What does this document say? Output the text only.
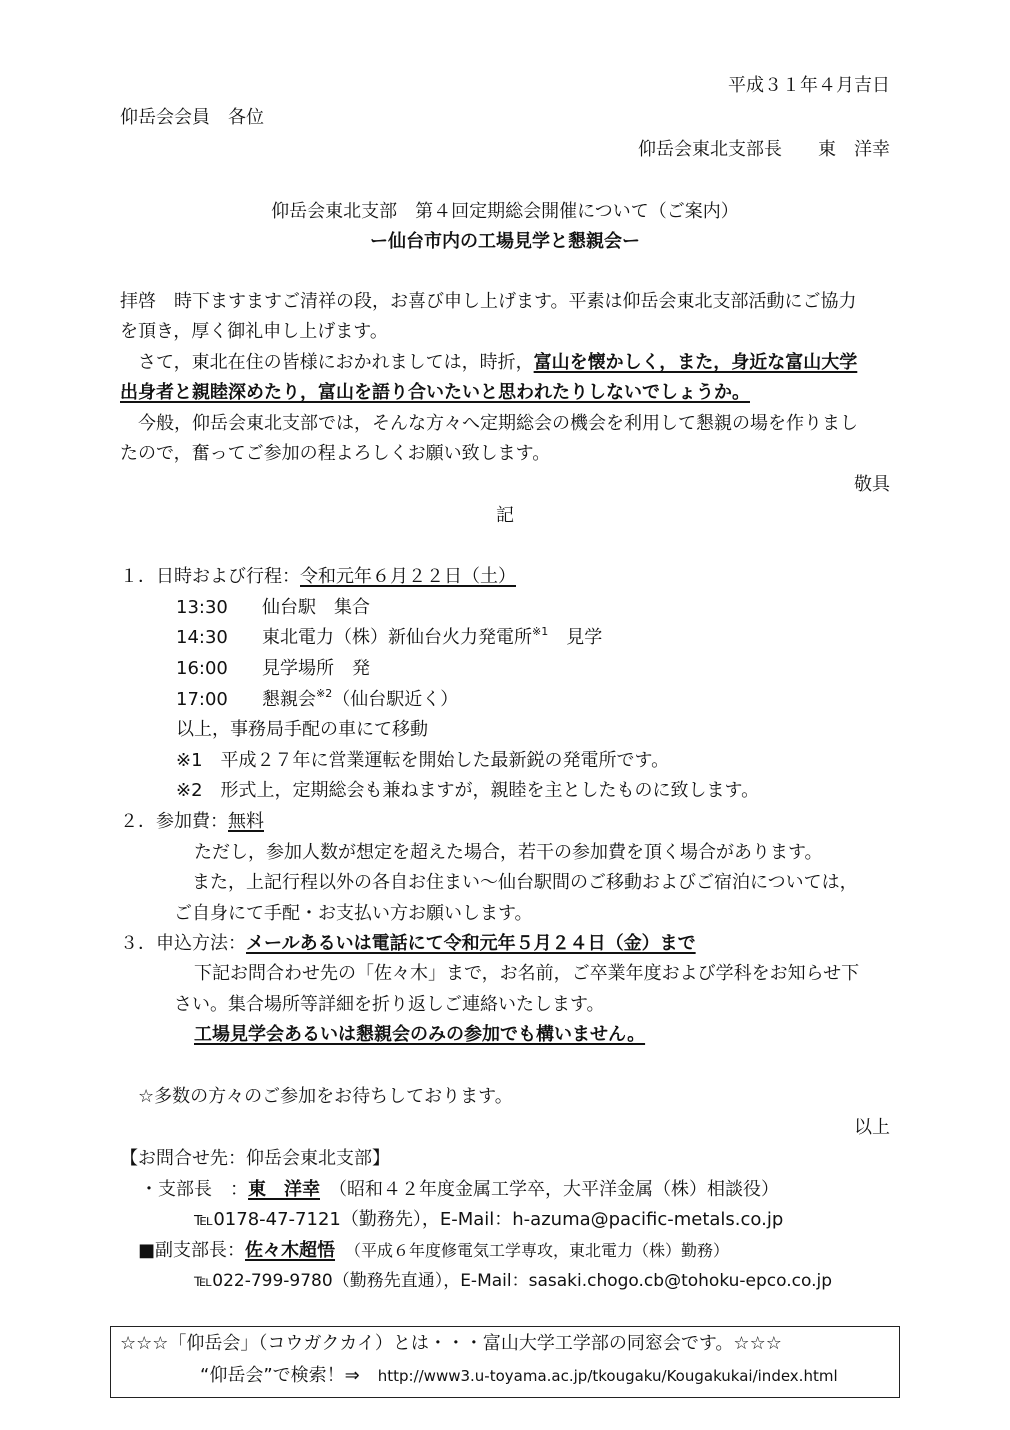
平成３１年４月吉日
仰岳会会員　各位
仰岳会東北支部長　　東　洋幸
仰岳会東北支部　第４回定期総会開催について（ご案内）
ー仙台市内の工場見学と懇親会ー
拝啓　時下ますますご清祥の段，お喜び申し上げます。平素は仰岳会東北支部活動にご協力
を頂き，厚く御礼申し上げます。
　さて，東北在住の皆様におかれましては，時折，富山を懐かしく，また，身近な富山大学
出身者と親睦深めたり，富山を語り合いたいと思われたりしないでしょうか。
　今般，仰岳会東北支部では，そんな方々へ定期総会の機会を利用して懇親の場を作りまし
たので，奮ってご参加の程よろしくお願い致します。
敬具
記
１．日時および行程：令和元年６月２２日（土）
13:30 仙台駅　集合
14:30 東北電力（株）新仙台火力発電所$^{※1}$　見学
16:00 見学場所　発
17:00 懇親会$^{※2}$（仙台駅近く）
以上，事務局手配の車にて移動
※1　平成２７年に営業運転を開始した最新鋭の発電所です。
※2　形式上，定期総会も兼ねますが，親睦を主としたものに致します。
２．参加費：無料
ただし，参加人数が想定を超えた場合，若干の参加費を頂く場合があります。
また，上記行程以外の各自お住まい～仙台駅間のご移動およびご宿泊については，
ご自身にて手配・お支払い方お願いします。
３．申込方法：メールあるいは電話にて令和元年５月２４日（金）まで
下記お問合わせ先の「佐々木」まで，お名前，ご卒業年度および学科をお知らせ下
さい。集合場所等詳細を折り返しご連絡いたします。
工場見学会あるいは懇親会のみの参加でも構いません。
☆多数の方々のご参加をお待ちしております。
以上
【お問合せ先：仰岳会東北支部】
・支部長　：東　洋幸　 （昭和４２年度金属工学卒，大平洋金属（株）相談役）
℡0178-47-7121（勤務先），E-Mail：h-azuma@pacific-metals.co.jp
■副支部長：佐々木超悟　 （平成６年度修電気工学専攻，東北電力（株）勤務）
℡022-799-9780（勤務先直通），E-Mail：sasaki.chogo.cb@tohoku-epco.co.jp
☆☆☆「仰岳会」（コウガクカイ）とは・・・富山大学工学部の同窓会です。☆☆☆
“仰岳会”で検索！⇒　 http://www3.u-toyama.ac.jp/tkougaku/Kougakukai/index.html
